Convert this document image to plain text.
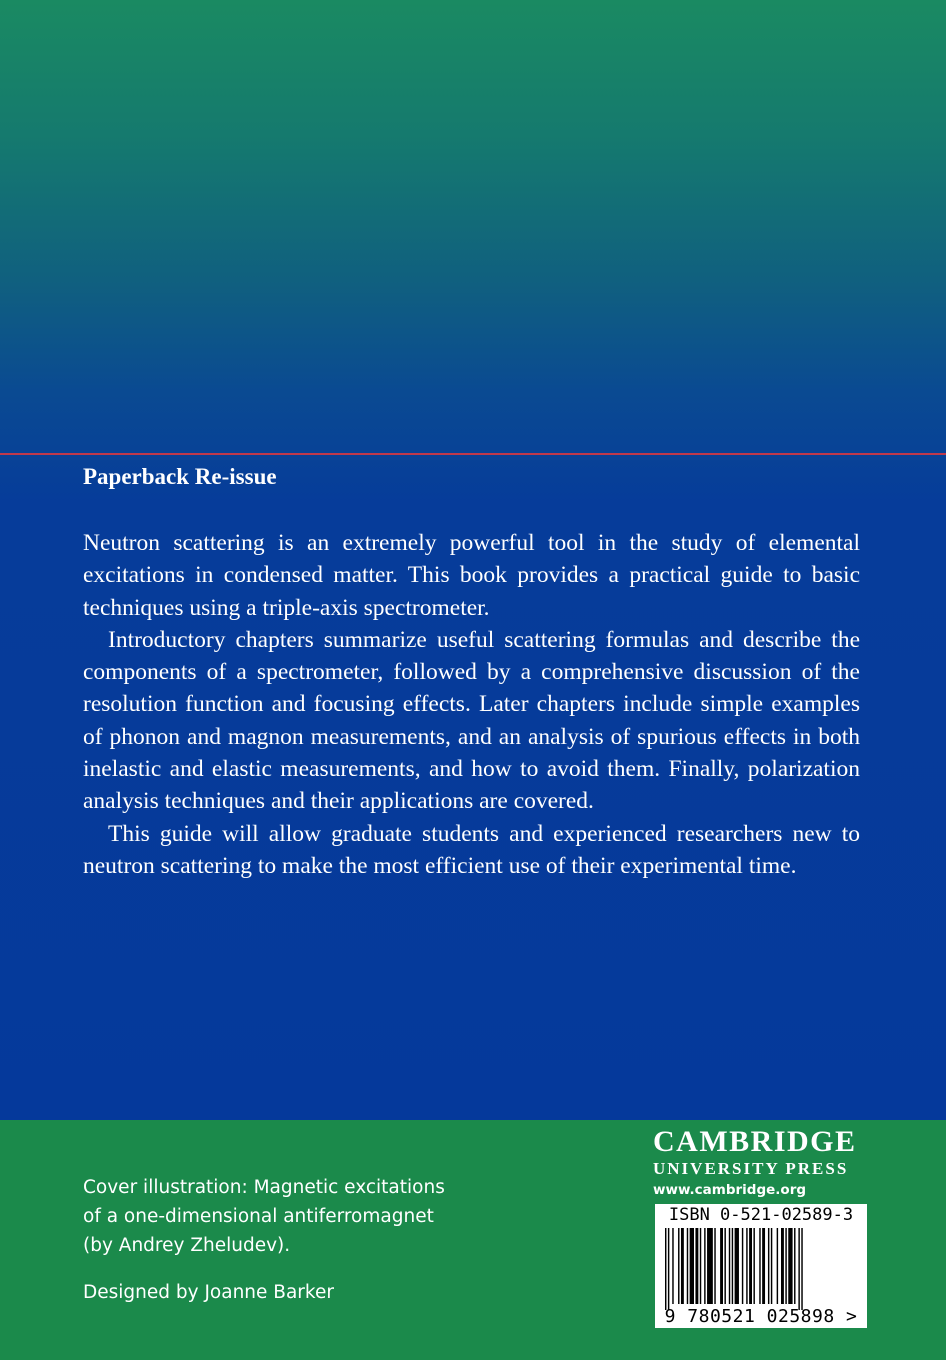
Paperback Re-issue

Neutron scattering is an extremely powerful tool in the study of elemental excitations in condensed matter. This book provides a practical guide to basic techniques using a triple-axis spectrometer.

Introductory chapters summarize useful scattering formulas and describe the components of a spectrometer, followed by a comprehensive discussion of the resolution function and focusing effects. Later chapters include simple examples of phonon and magnon measurements, and an analysis of spurious effects in both inelastic and elastic measurements, and how to avoid them. Finally, polarization analysis techniques and their applications are covered.

This guide will allow graduate students and experienced researchers new to neutron scattering to make the most efficient use of their experimental time.

Cover illustration: Magnetic excitations
of a one-dimensional antiferromagnet
(by Andrey Zheludev).
Designed by Joanne Barker
CAMBRIDGE
UNIVERSITY PRESS
www.cambridge.org
ISBN 0-521-02589-3
9 780521 025898 >
